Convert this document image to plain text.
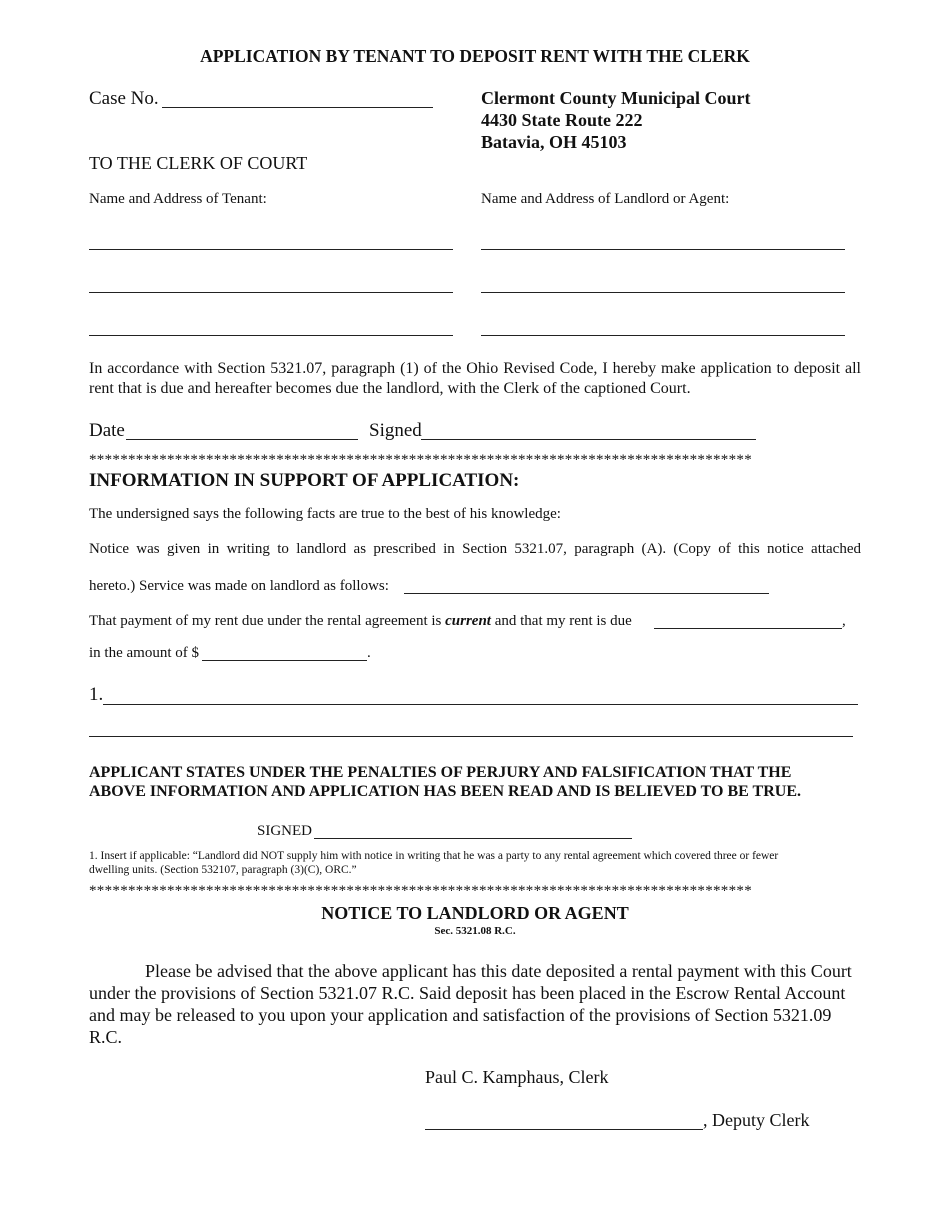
APPLICATION BY TENANT TO DEPOSIT RENT WITH THE CLERK
Case No.	Clermont County Municipal Court
4430 State Route 222
Batavia, OH 45103
TO THE CLERK OF COURT
Name and Address of Tenant:	Name and Address of Landlord or Agent:
In accordance with Section 5321.07, paragraph (1) of the Ohio Revised Code, I hereby make application to deposit all rent that is due and hereafter becomes due the landlord, with the Clerk of the captioned Court.
Date	Signed
*************************************************************************************
INFORMATION IN SUPPORT OF APPLICATION:
The undersigned says the following facts are true to the best of his knowledge:
Notice was given in writing to landlord as prescribed in Section 5321.07, paragraph (A). (Copy of this notice attached
hereto.) Service was made on landlord as follows:
That payment of my rent due under the rental agreement is current and that my rent is due	,
in the amount of $	.
1.
APPLICANT STATES UNDER THE PENALTIES OF PERJURY AND FALSIFICATION THAT THE
ABOVE INFORMATION AND APPLICATION HAS BEEN READ AND IS BELIEVED TO BE TRUE.
SIGNED
1. Insert if applicable: “Landlord did NOT supply him with notice in writing that he was a party to any rental agreement which covered three or fewer
dwelling units. (Section 532107, paragraph (3)(C), ORC.”
*************************************************************************************
NOTICE TO LANDLORD OR AGENT
Sec. 5321.08 R.C.
Please be advised that the above applicant has this date deposited a rental payment with this Court under the provisions of Section 5321.07 R.C. Said deposit has been placed in the Escrow Rental Account and may be released to you upon your application and satisfaction of the provisions of Section 5321.09 R.C.
Paul C. Kamphaus, Clerk
, Deputy Clerk
